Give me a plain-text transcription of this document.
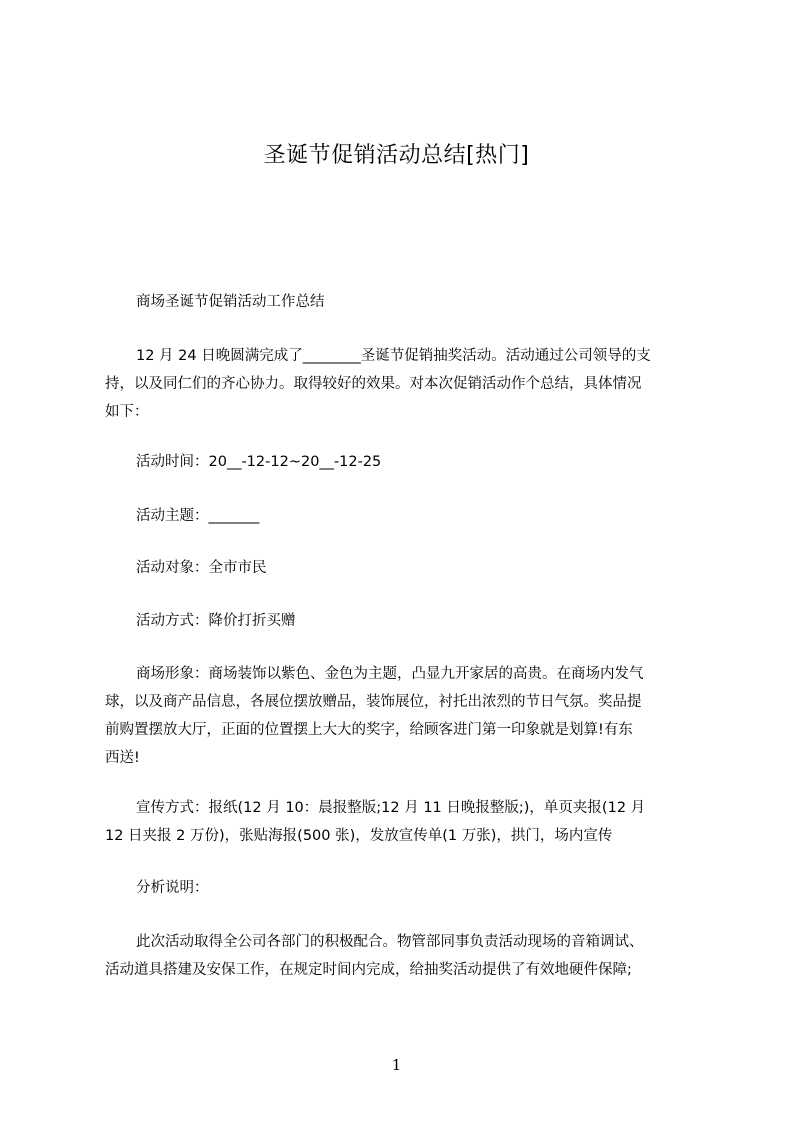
圣诞节促销活动总结[热门]
商场圣诞节促销活动工作总结
12 月 24 日晚圆满完成了________圣诞节促销抽奖活动。活动通过公司领导的支
持，以及同仁们的齐心协力。取得较好的效果。对本次促销活动作个总结，具体情况
如下：
活动时间：20__-12-12~20__-12-25
活动主题：_______
活动对象：全市市民
活动方式：降价打折买赠
商场形象：商场装饰以紫色、金色为主题，凸显九开家居的高贵。在商场内发气
球，以及商产品信息，各展位摆放赠品，装饰展位，衬托出浓烈的节日气氛。奖品提
前购置摆放大厅，正面的位置摆上大大的奖字，给顾客进门第一印象就是划算!有东
西送!
宣传方式：报纸(12 月 10：晨报整版;12 月 11 日晚报整版;)，单页夹报(12 月
12 日夹报 2 万份)，张贴海报(500 张)，发放宣传单(1 万张)，拱门，场内宣传
分析说明：
此次活动取得全公司各部门的积极配合。物管部同事负责活动现场的音箱调试、
活动道具搭建及安保工作，在规定时间内完成，给抽奖活动提供了有效地硬件保障;
1
